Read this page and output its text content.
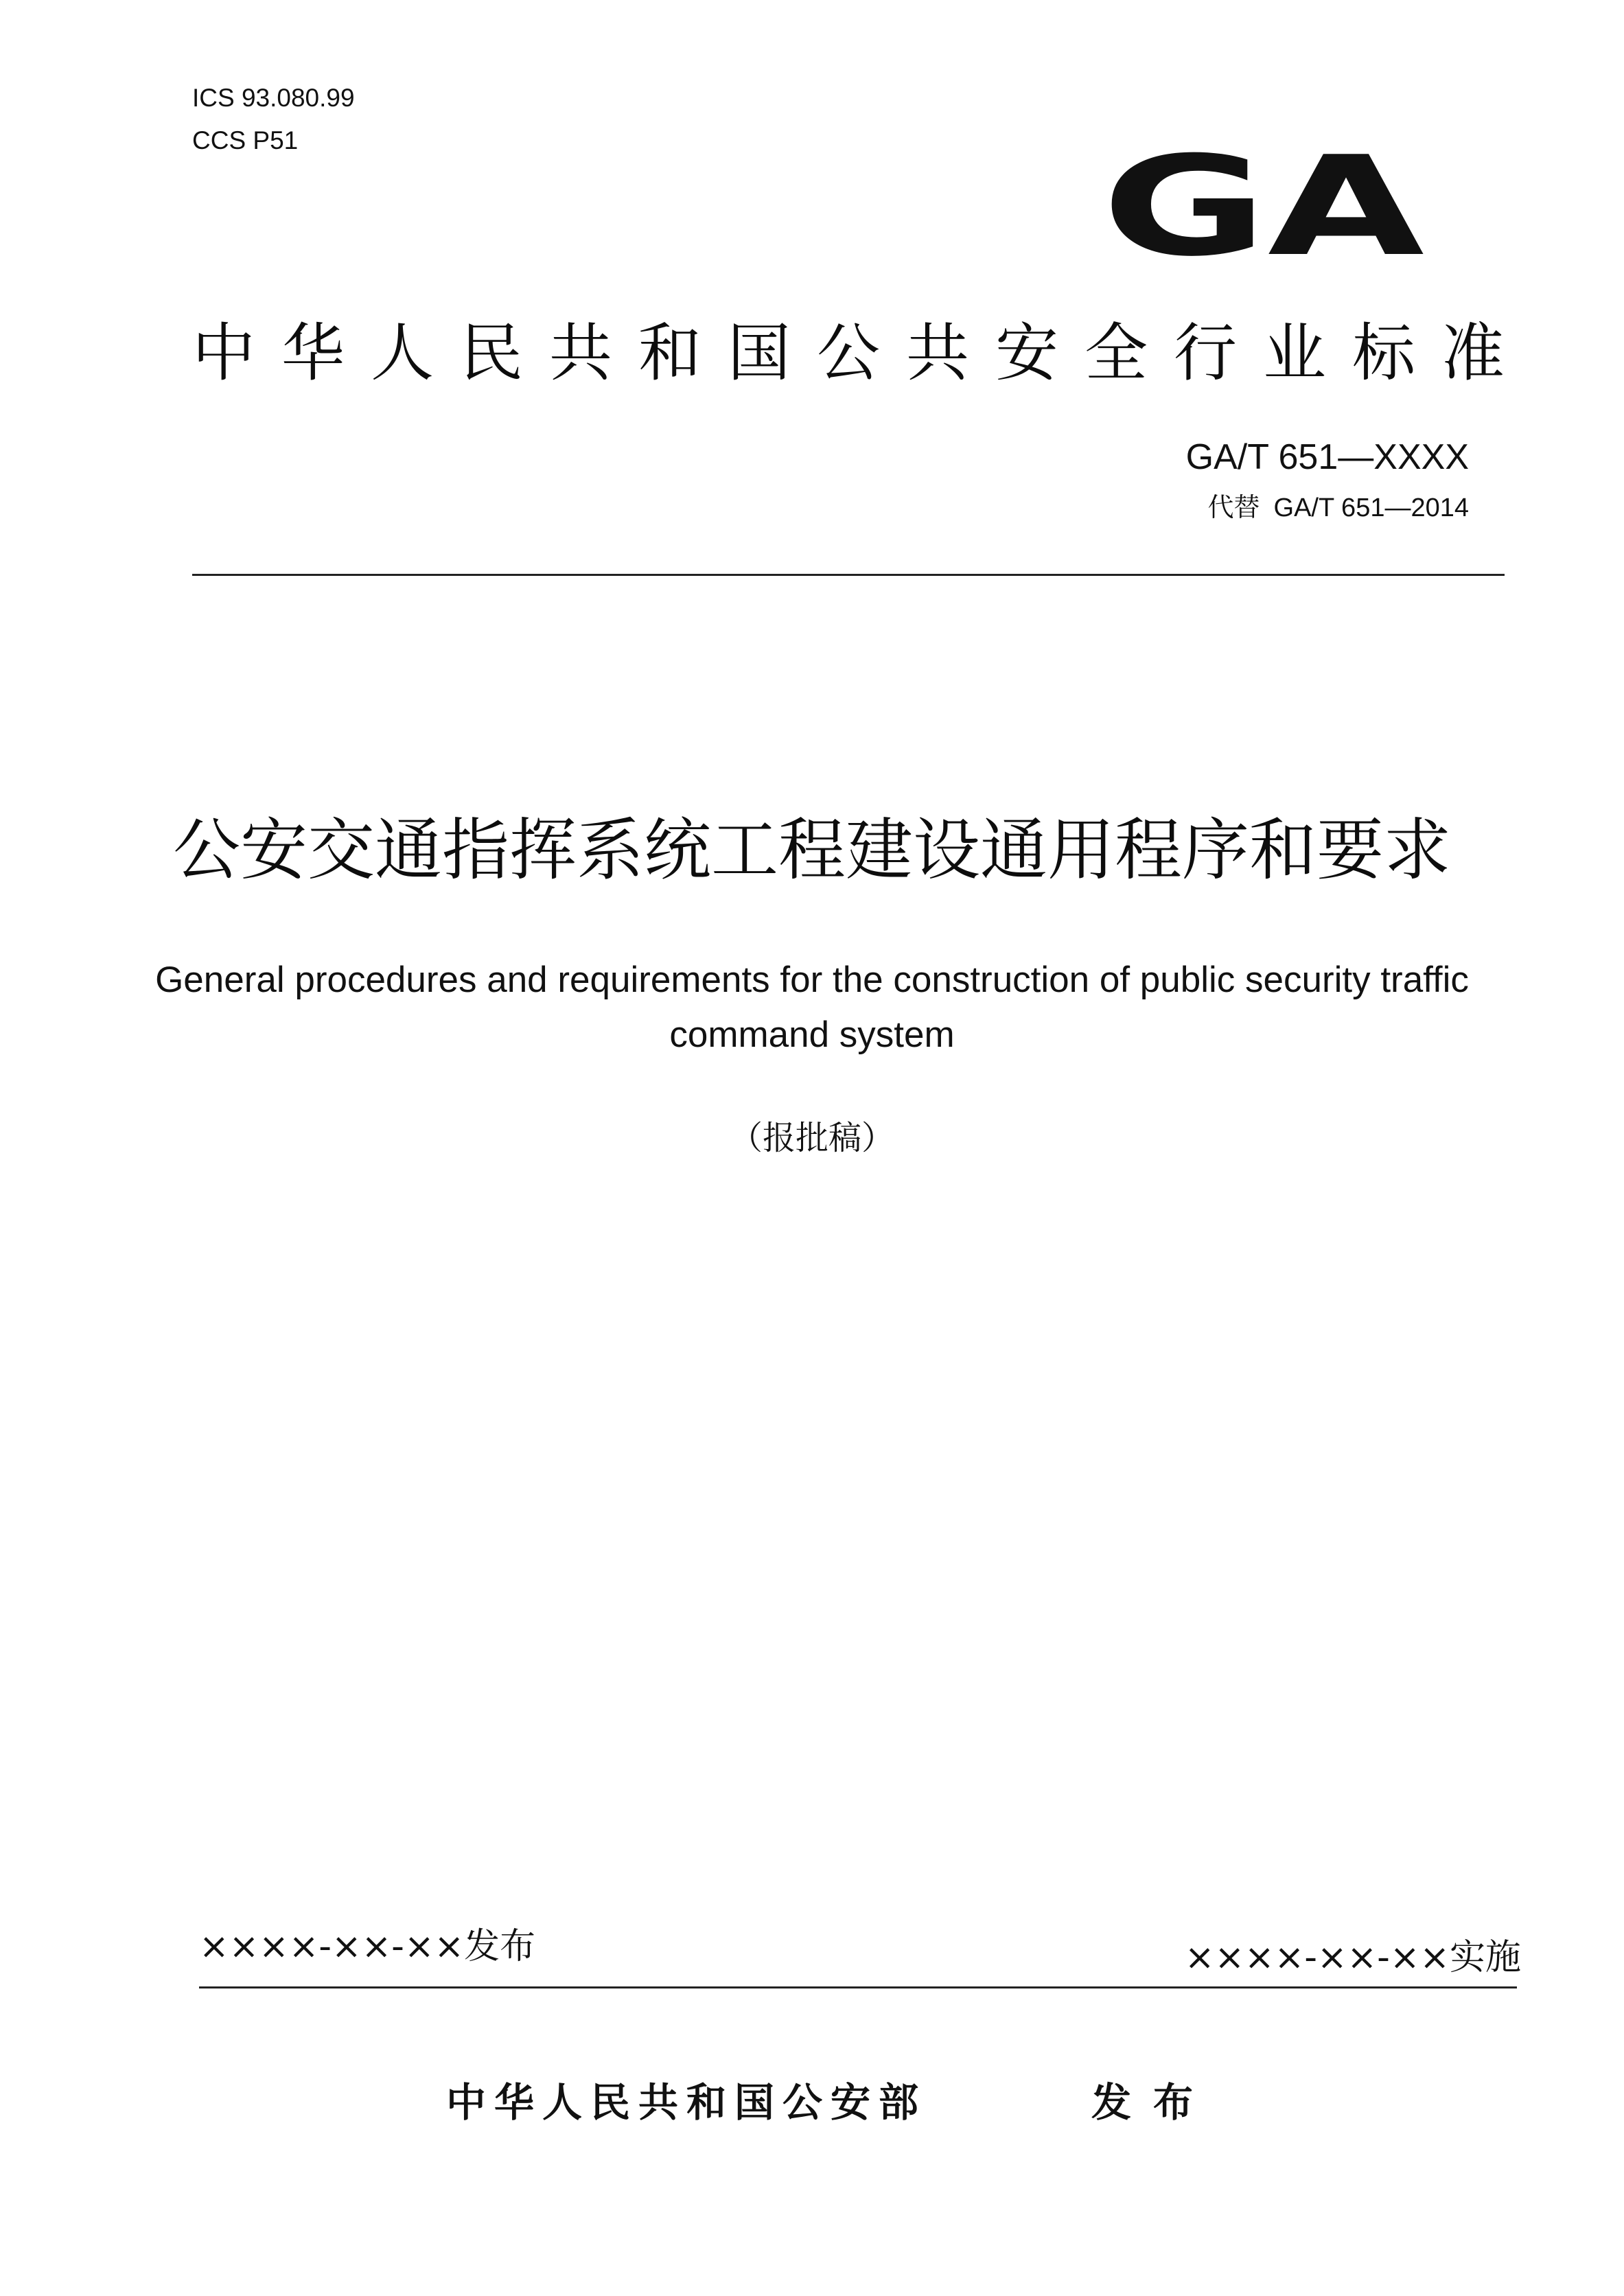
ICS 93.080.99
CCS P51	GA
中华人民共和国公共安全行业标准
GA/T 651—XXXX
代替 GA/T 651—2014
公安交通指挥系统工程建设通用程序和要求
General procedures and requirements for the construction of public security traffic command system
（报批稿）
××××-××-××发布	××××-××-××实施
中华人民共和国公安部	发布
